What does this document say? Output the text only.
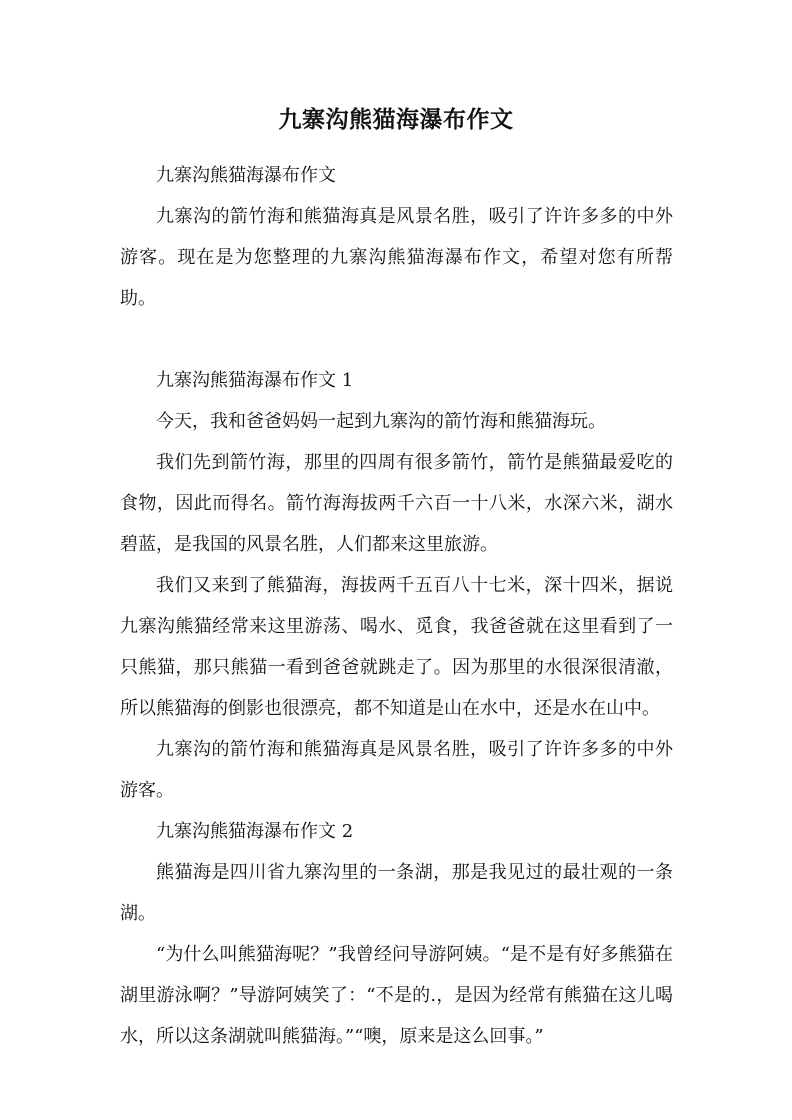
九寨沟熊猫海瀑布作文

九寨沟熊猫海瀑布作文

九寨沟的箭竹海和熊猫海真是风景名胜，吸引了许许多多的中外游客。现在是为您整理的九寨沟熊猫海瀑布作文，希望对您有所帮助。

九寨沟熊猫海瀑布作文 1

今天，我和爸爸妈妈一起到九寨沟的箭竹海和熊猫海玩。

我们先到箭竹海，那里的四周有很多箭竹，箭竹是熊猫最爱吃的食物，因此而得名。箭竹海海拔两千六百一十八米，水深六米，湖水碧蓝，是我国的风景名胜，人们都来这里旅游。

我们又来到了熊猫海，海拔两千五百八十七米，深十四米，据说九寨沟熊猫经常来这里游荡、喝水、觅食，我爸爸就在这里看到了一只熊猫，那只熊猫一看到爸爸就跳走了。因为那里的水很深很清澈，所以熊猫海的倒影也很漂亮，都不知道是山在水中，还是水在山中。

九寨沟的箭竹海和熊猫海真是风景名胜，吸引了许许多多的中外游客。

九寨沟熊猫海瀑布作文 2

熊猫海是四川省九寨沟里的一条湖，那是我见过的最壮观的一条湖。

“为什么叫熊猫海呢？”我曾经问导游阿姨。“是不是有好多熊猫在湖里游泳啊？”导游阿姨笑了：“不是的.，是因为经常有熊猫在这儿喝水，所以这条湖就叫熊猫海。”“噢，原来是这么回事。”
